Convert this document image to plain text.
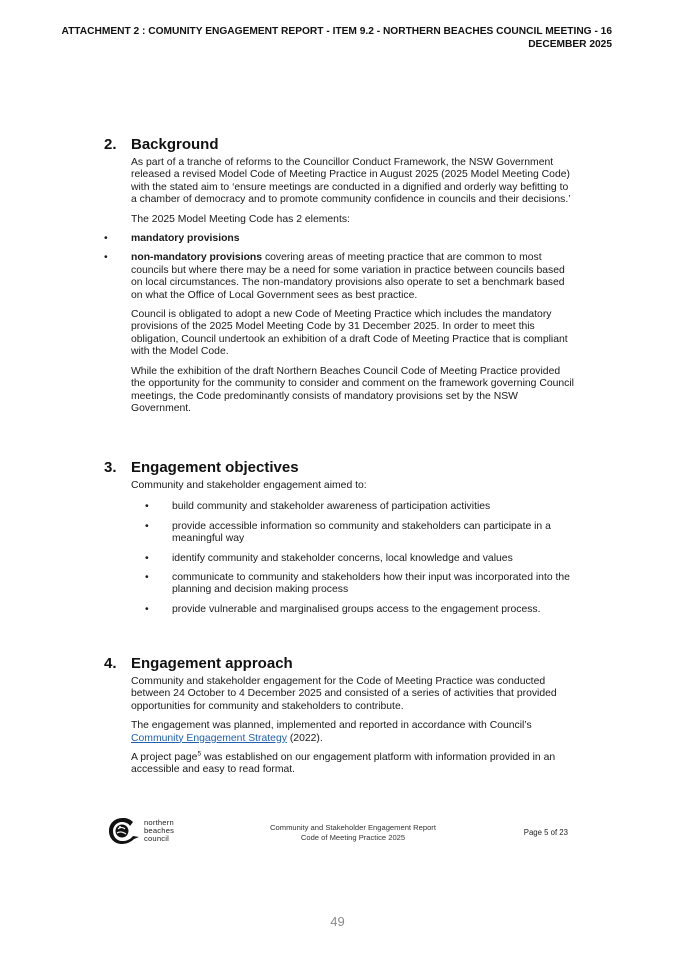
ATTACHMENT 2 : COMUNITY ENGAGEMENT REPORT - ITEM 9.2 - NORTHERN BEACHES COUNCIL MEETING - 16
DECEMBER 2025
2. Background

As part of a tranche of reforms to the Councillor Conduct Framework, the NSW Government released a revised Model Code of Meeting Practice in August 2025 (2025 Model Meeting Code) with the stated aim to ‘ensure meetings are conducted in a dignified and orderly way befitting to a chamber of democracy and to promote community confidence in councils and their decisions.’

The 2025 Model Meeting Code has 2 elements:

• mandatory provisions
• non-mandatory provisions covering areas of meeting practice that are common to most councils but where there may be a need for some variation in practice between councils based on local circumstances. The non-mandatory provisions also operate to set a benchmark based on what the Office of Local Government sees as best practice.

Council is obligated to adopt a new Code of Meeting Practice which includes the mandatory provisions of the 2025 Model Meeting Code by 31 December 2025. In order to meet this obligation, Council undertook an exhibition of a draft Code of Meeting Practice that is compliant with the Model Code.

While the exhibition of the draft Northern Beaches Council Code of Meeting Practice provided the opportunity for the community to consider and comment on the framework governing Council meetings, the Code predominantly consists of mandatory provisions set by the NSW Government.

3. Engagement objectives

Community and stakeholder engagement aimed to:

• build community and stakeholder awareness of participation activities
• provide accessible information so community and stakeholders can participate in a meaningful way
• identify community and stakeholder concerns, local knowledge and values
• communicate to community and stakeholders how their input was incorporated into the planning and decision making process
• provide vulnerable and marginalised groups access to the engagement process.
4. Engagement approach

Community and stakeholder engagement for the Code of Meeting Practice was conducted between 24 October to 4 December 2025 and consisted of a series of activities that provided opportunities for community and stakeholders to contribute.

The engagement was planned, implemented and reported in accordance with Council’s Community Engagement Strategy (2022).

A project page$^5$ was established on our engagement platform with information provided in an accessible and easy to read format.

northern
beaches
council
Community and Stakeholder Engagement Report
Code of Meeting Practice 2025	Page 5 of 23
49
